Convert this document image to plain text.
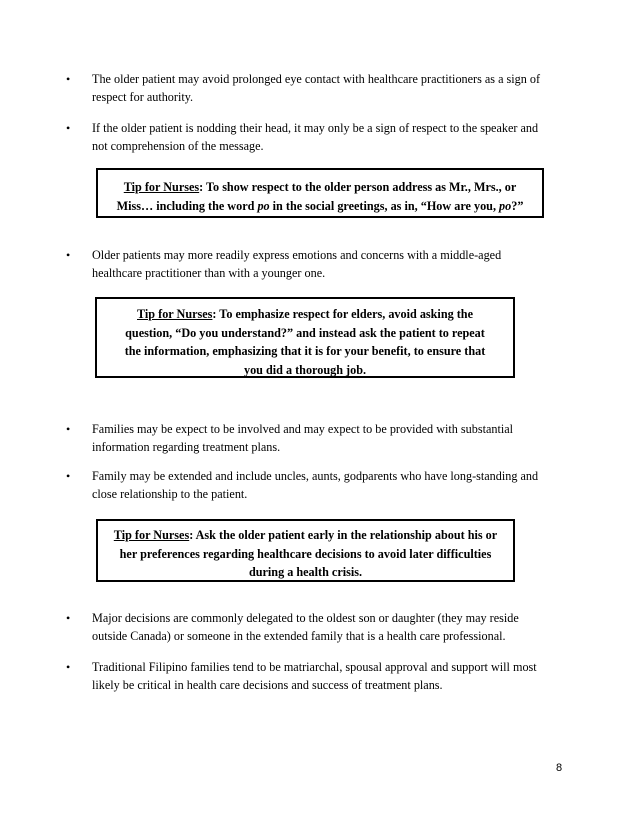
• The older patient may avoid prolonged eye contact with healthcare practitioners as a sign of respect for authority.
• If the older patient is nodding their head, it may only be a sign of respect to the speaker and not comprehension of the message.
Tip for Nurses: To show respect to the older person address as Mr., Mrs., or Miss… including the word po in the social greetings, as in, “How are you, po?”
• Older patients may more readily express emotions and concerns with a middle-aged healthcare practitioner than with a younger one.
Tip for Nurses: To emphasize respect for elders, avoid asking the question, “Do you understand?” and instead ask the patient to repeat the information, emphasizing that it is for your benefit, to ensure that you did a thorough job.
• Families may be expect to be involved and may expect to be provided with substantial information regarding treatment plans.
• Family may be extended and include uncles, aunts, godparents who have long-standing and close relationship to the patient.
Tip for Nurses: Ask the older patient early in the relationship about his or her preferences regarding healthcare decisions to avoid later difficulties during a health crisis.
• Major decisions are commonly delegated to the oldest son or daughter (they may reside outside Canada) or someone in the extended family that is a health care professional.
• Traditional Filipino families tend to be matriarchal, spousal approval and support will most likely be critical in health care decisions and success of treatment plans.
8
